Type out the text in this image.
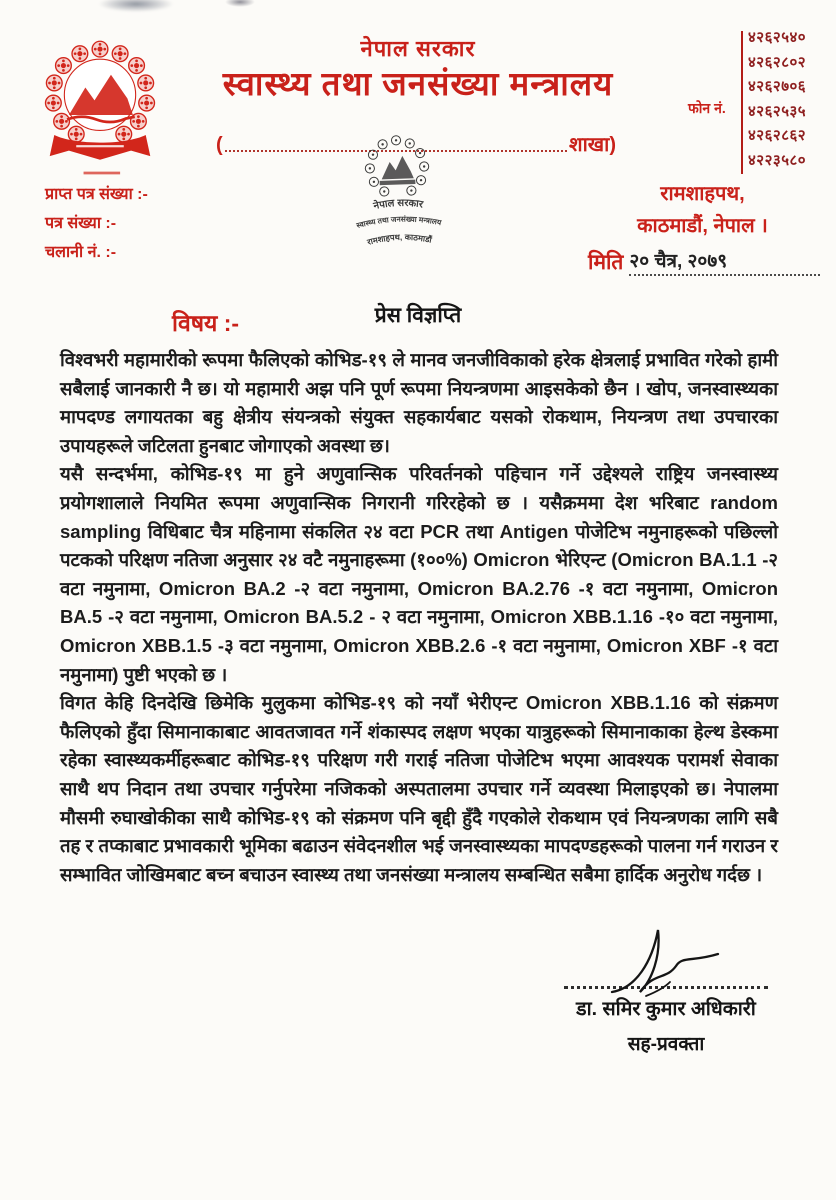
नेपाल सरकार
स्वास्थ्य तथा जनसंख्या मन्त्रालय
(	शाखा)
फोन नं.
४२६२५४०
४२६२८०२
४२६२७०६
४२६२५३५
४२६२८६२
४२२३५८०
नेपाल सरकार
स्वास्थ्य तथा जनसंख्या मन्त्रालय
रामशाहपथ, काठमाडौं
प्राप्त पत्र संख्या :-
पत्र संख्या :-
चलानी नं. :-
रामशाहपथ,
काठमाडौं, नेपाल ।
मिति २० चैत्र, २०७९
प्रेस विज्ञप्ति
विषय :-

विश्वभरी महामारीको रूपमा फैलिएको कोभिड-१९ ले मानव जनजीविकाको हरेक क्षेत्रलाई प्रभावित गरेको हामी सबैलाई जानकारी नै छ। यो महामारी अझ पनि पूर्ण रूपमा नियन्त्रणमा आइसकेको छैन । खोप, जनस्वास्थ्यका मापदण्ड लगायतका बहु क्षेत्रीय संयन्त्रको संयुक्त सहकार्यबाट यसको रोकथाम, नियन्त्रण तथा उपचारका उपायहरूले जटिलता हुनबाट जोगाएको अवस्था छ।

यसै सन्दर्भमा, कोभिड-१९ मा हुने अणुवान्सिक परिवर्तनको पहिचान गर्ने उद्देश्यले राष्ट्रिय जनस्वास्थ्य प्रयोगशालाले नियमित रूपमा अणुवान्सिक निगरानी गरिरहेको छ । यसैक्रममा देश भरिबाट random sampling विधिबाट चैत्र महिनामा संकलित २४ वटा PCR तथा Antigen पोजेटिभ नमुनाहरूको पछिल्लो पटकको परिक्षण नतिजा अनुसार २४ वटै नमुनाहरूमा (१००%) Omicron भेरिएन्ट (Omicron BA.1.1 -२ वटा नमुनामा, Omicron BA.2 -२ वटा नमुनामा, Omicron BA.2.76 -१ वटा नमुनामा, Omicron BA.5 -२ वटा नमुनामा, Omicron BA.5.2 - २ वटा नमुनामा, Omicron XBB.1.16 -१० वटा नमुनामा, Omicron XBB.1.5 -३ वटा नमुनामा, Omicron XBB.2.6 -१ वटा नमुनामा, Omicron XBF -१ वटा नमुनामा) पुष्टी भएको छ ।

विगत केहि दिनदेखि छिमेकि मुलुकमा कोभिड-१९ को नयाँ भेरीएन्ट Omicron XBB.1.16 को संक्रमण फैलिएको हुँदा सिमानाकाबाट आवतजावत गर्ने शंकास्पद लक्षण भएका यात्रुहरूको सिमानाकाका हेल्थ डेस्कमा रहेका स्वास्थ्यकर्मीहरूबाट कोभिड-१९ परिक्षण गरी गराई नतिजा पोजेटिभ भएमा आवश्यक परामर्श सेवाका साथै थप निदान तथा उपचार गर्नुपरेमा नजिकको अस्पतालमा उपचार गर्ने व्यवस्था मिलाइएको छ। नेपालमा मौसमी रुघाखोकीका साथै कोभिड-१९ को संक्रमण पनि बृद्दी हुँदै गएकोले रोकथाम एवं नियन्त्रणका लागि सबै तह र तप्काबाट प्रभावकारी भूमिका बढाउन संवेदनशील भई जनस्वास्थ्यका मापदण्डहरूको पालना गर्न गराउन र सम्भावित जोखिमबाट बच्न बचाउन स्वास्थ्य तथा जनसंख्या मन्त्रालय सम्बन्धित सबैमा हार्दिक अनुरोध गर्दछ ।

डा. समिर कुमार अधिकारी
सह-प्रवक्ता
